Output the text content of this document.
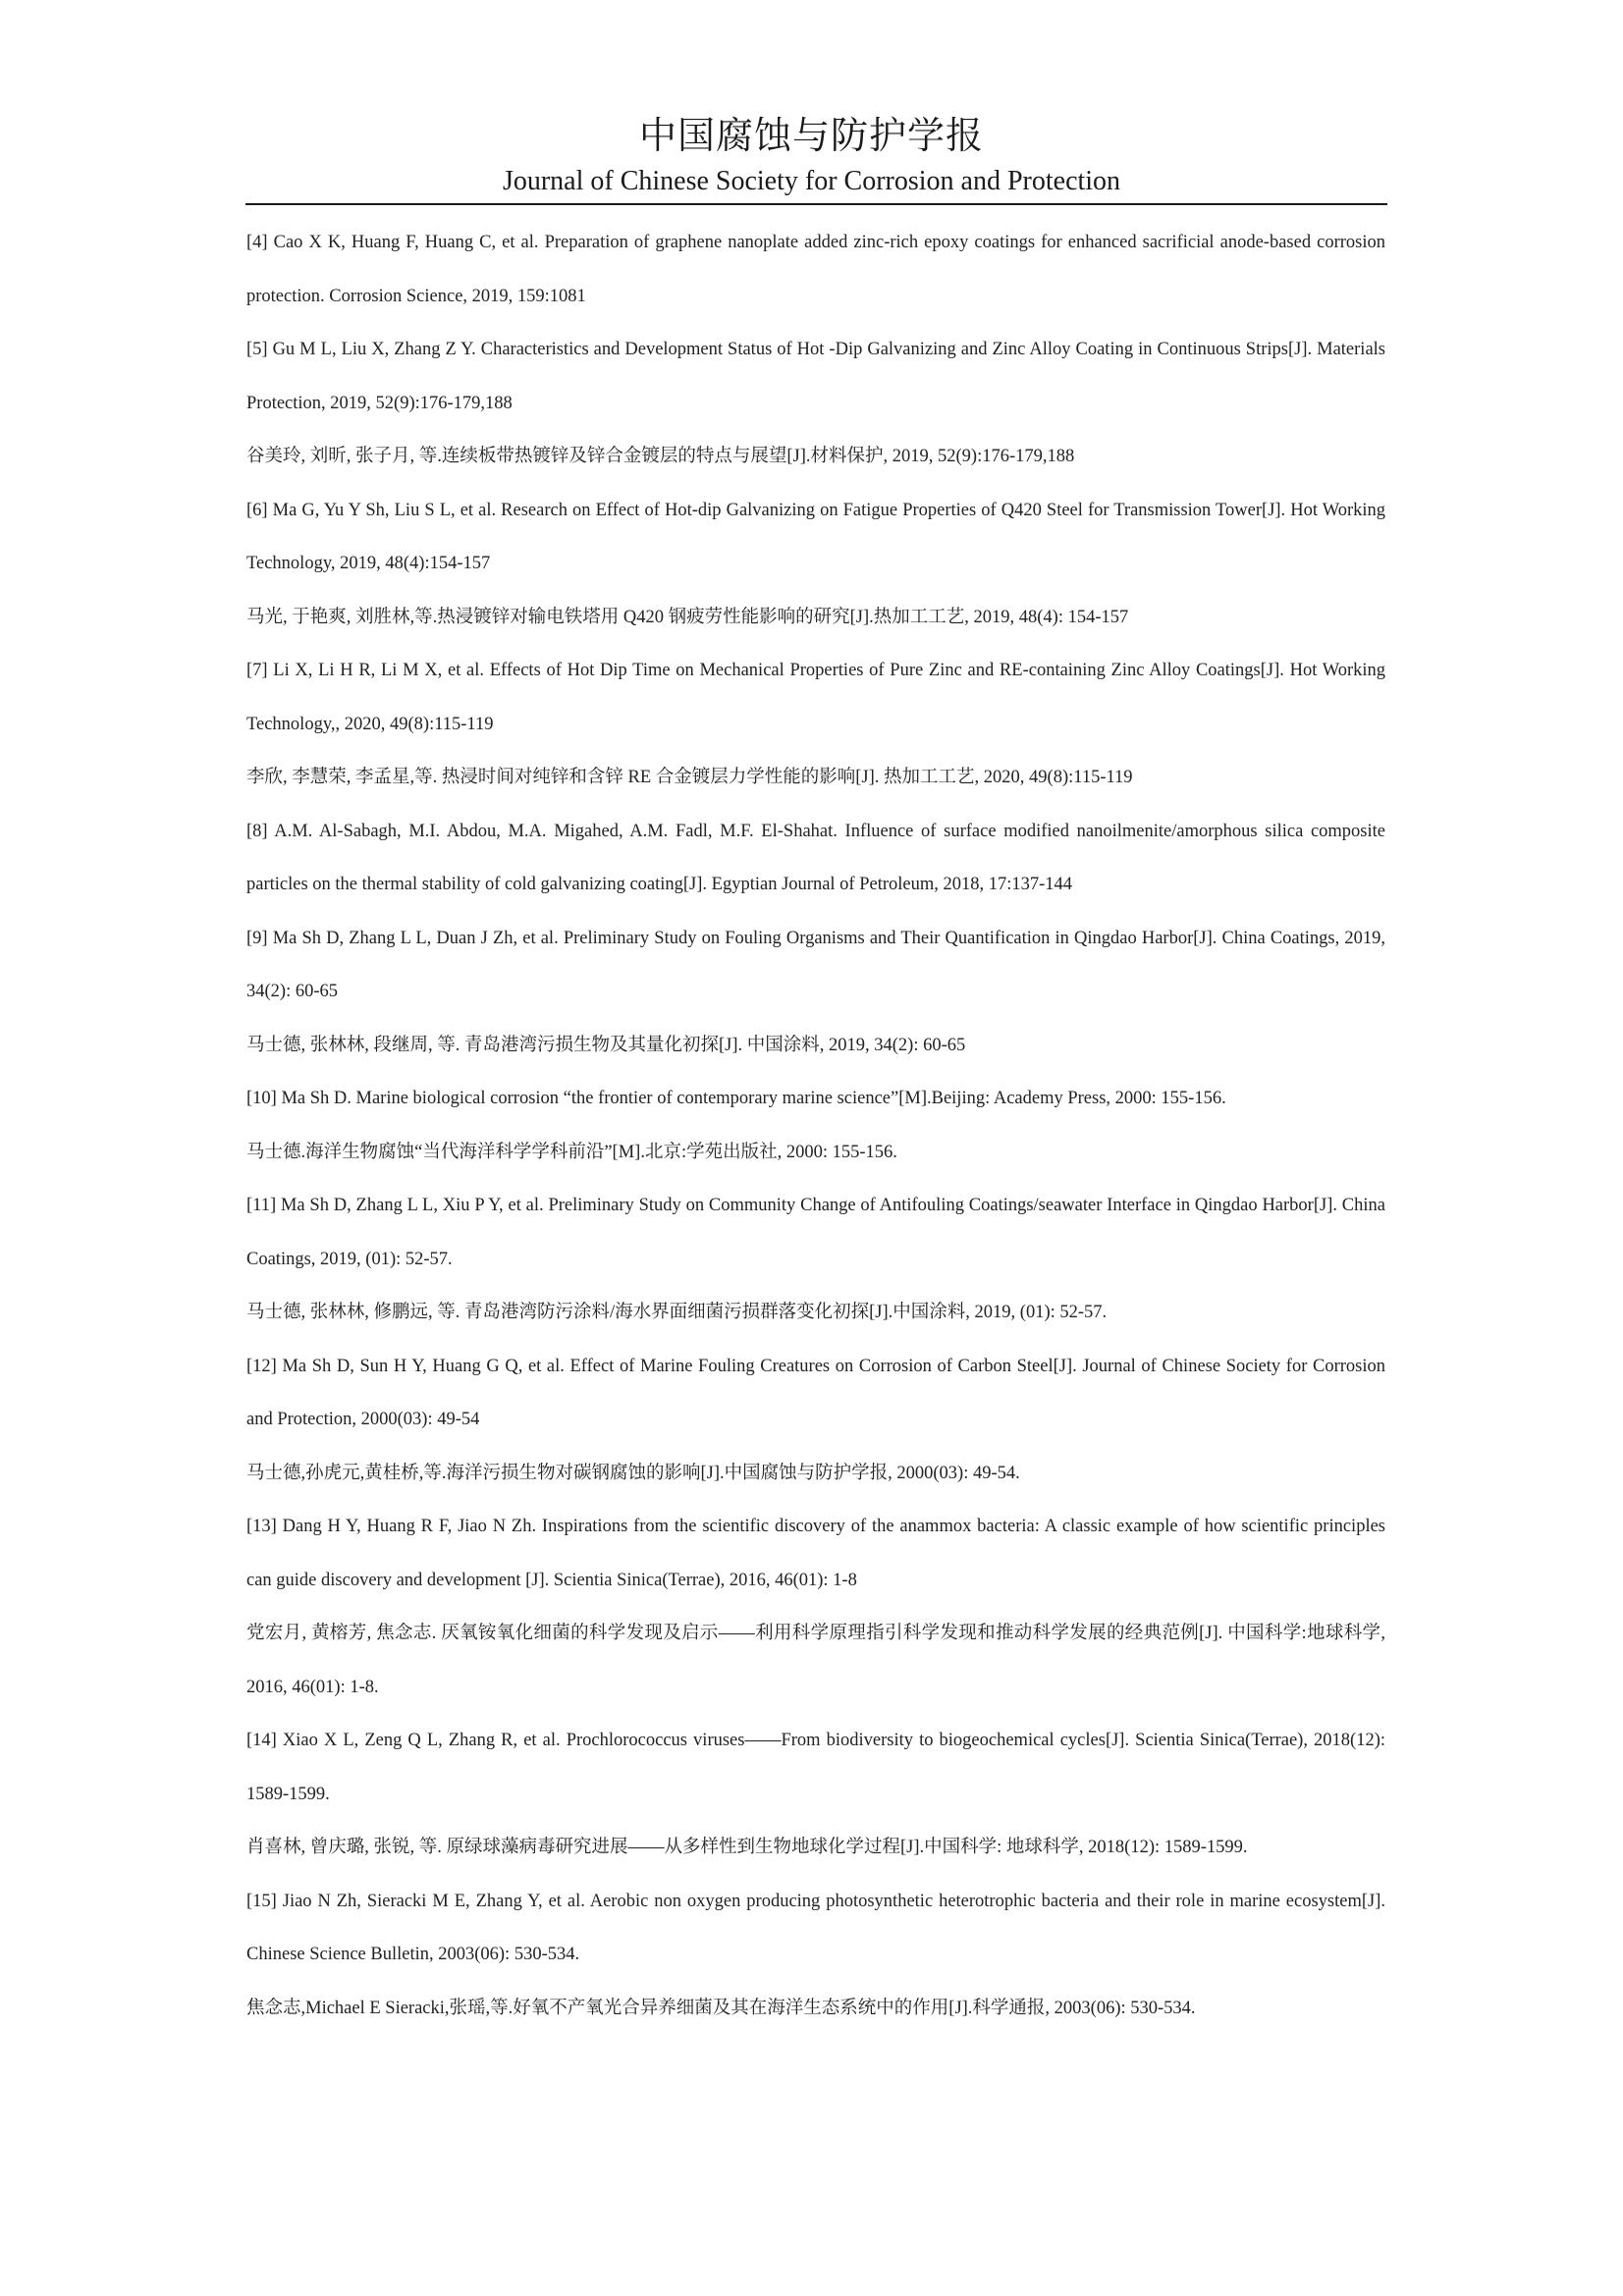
中国腐蚀与防护学报
Journal of Chinese Society for Corrosion and Protection

[4] Cao X K, Huang F, Huang C, et al. Preparation of graphene nanoplate added zinc-rich epoxy coatings for enhanced sacrificial anode-based corrosion protection. Corrosion Science, 2019, 159:1081

[5] Gu M L, Liu X, Zhang Z Y. Characteristics and Development Status of Hot -Dip Galvanizing and Zinc Alloy Coating in Continuous Strips[J]. Materials Protection, 2019, 52(9):176-179,188

谷美玲, 刘昕, 张子月, 等.连续板带热镀锌及锌合金镀层的特点与展望[J].材料保护, 2019, 52(9):176-179,188

[6] Ma G, Yu Y Sh, Liu S L, et al. Research on Effect of Hot-dip Galvanizing on Fatigue Properties of Q420 Steel for Transmission Tower[J]. Hot Working Technology, 2019, 48(4):154-157

马光, 于艳爽, 刘胜林,等.热浸镀锌对输电铁塔用 Q420 钢疲劳性能影响的研究[J].热加工工艺, 2019, 48(4): 154-157

[7] Li X, Li H R, Li M X, et al. Effects of Hot Dip Time on Mechanical Properties of Pure Zinc and RE-containing Zinc Alloy Coatings[J]. Hot Working Technology,, 2020, 49(8):115-119

李欣, 李慧荣, 李孟星,等. 热浸时间对纯锌和含锌 RE 合金镀层力学性能的影响[J]. 热加工工艺, 2020, 49(8):115-119

[8] A.M. Al-Sabagh, M.I. Abdou, M.A. Migahed, A.M. Fadl, M.F. El-Shahat. Influence of surface modified nanoilmenite/amorphous silica composite particles on the thermal stability of cold galvanizing coating[J]. Egyptian Journal of Petroleum, 2018, 17:137-144

[9] Ma Sh D, Zhang L L, Duan J Zh, et al. Preliminary Study on Fouling Organisms and Their Quantification in Qingdao Harbor[J]. China Coatings, 2019, 34(2): 60-65

马士德, 张林林, 段继周, 等. 青岛港湾污损生物及其量化初探[J]. 中国涂料, 2019, 34(2): 60-65

[10] Ma Sh D. Marine biological corrosion “the frontier of contemporary marine science”[M].Beijing: Academy Press, 2000: 155-156.

马士德.海洋生物腐蚀“当代海洋科学学科前沿”[M].北京:学苑出版社, 2000: 155-156.

[11] Ma Sh D, Zhang L L, Xiu P Y, et al. Preliminary Study on Community Change of Antifouling Coatings/seawater Interface in Qingdao Harbor[J]. China Coatings, 2019, (01): 52-57.

马士德, 张林林, 修鹏远, 等. 青岛港湾防污涂料/海水界面细菌污损群落变化初探[J].中国涂料, 2019, (01): 52-57.

[12] Ma Sh D, Sun H Y, Huang G Q, et al. Effect of Marine Fouling Creatures on Corrosion of Carbon Steel[J]. Journal of Chinese Society for Corrosion and Protection, 2000(03): 49-54

马士德,孙虎元,黄桂桥,等.海洋污损生物对碳钢腐蚀的影响[J].中国腐蚀与防护学报, 2000(03): 49-54.

[13] Dang H Y, Huang R F, Jiao N Zh. Inspirations from the scientific discovery of the anammox bacteria: A classic example of how scientific principles can guide discovery and development [J]. Scientia Sinica(Terrae), 2016, 46(01): 1-8

党宏月, 黄榕芳, 焦念志. 厌氧铵氧化细菌的科学发现及启示——利用科学原理指引科学发现和推动科学发展的经典范例[J]. 中国科学:地球科学, 2016, 46(01): 1-8.

[14] Xiao X L, Zeng Q L, Zhang R, et al. Prochlorococcus viruses——From biodiversity to biogeochemical cycles[J]. Scientia Sinica(Terrae), 2018(12): 1589-1599.

肖喜林, 曾庆璐, 张锐, 等. 原绿球藻病毒研究进展——从多样性到生物地球化学过程[J].中国科学: 地球科学, 2018(12): 1589-1599.

[15] Jiao N Zh, Sieracki M E, Zhang Y, et al. Aerobic non oxygen producing photosynthetic heterotrophic bacteria and their role in marine ecosystem[J]. Chinese Science Bulletin, 2003(06): 530-534.

焦念志,Michael E Sieracki,张瑶,等.好氧不产氧光合异养细菌及其在海洋生态系统中的作用[J].科学通报, 2003(06): 530-534.
